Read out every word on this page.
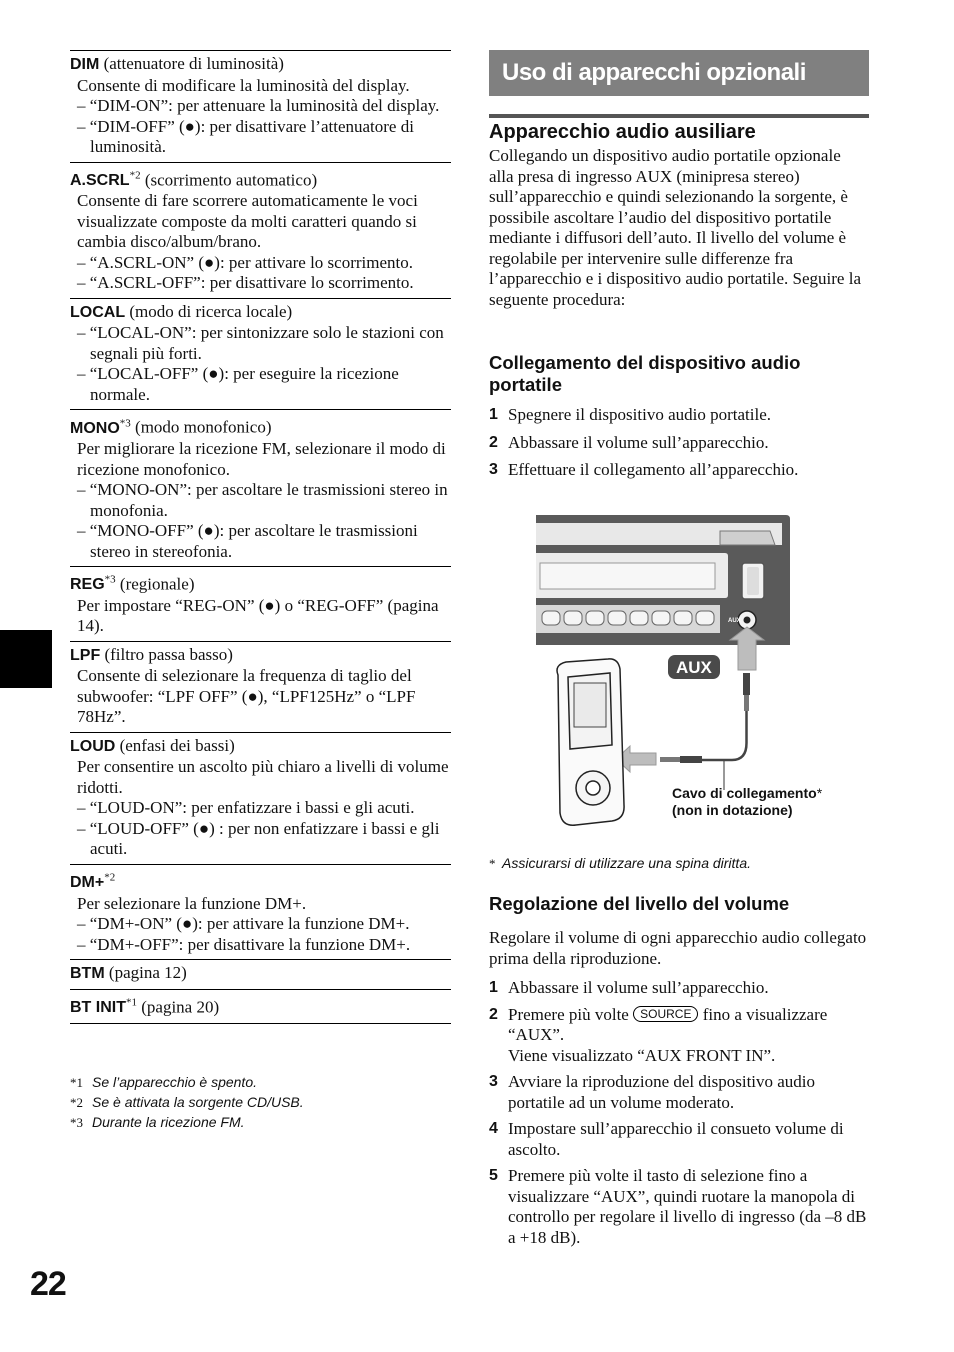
DIM (attenuatore di luminosità)
Consente di modificare la luminosità del display.
– “DIM-ON”: per attenuare la luminosità del display.
– “DIM-OFF” (●): per disattivare l’attenuatore di luminosità.
A.SCRL$^{*2}$ (scorrimento automatico)
Consente di fare scorrere automaticamente le voci visualizzate composte da molti caratteri quando si cambia disco/album/brano.
– “A.SCRL-ON” (●): per attivare lo scorrimento.
– “A.SCRL-OFF”: per disattivare lo scorrimento.
LOCAL (modo di ricerca locale)
– “LOCAL-ON”: per sintonizzare solo le stazioni con segnali più forti.
– “LOCAL-OFF” (●): per eseguire la ricezione normale.
MONO$^{*3}$ (modo monofonico)
Per migliorare la ricezione FM, selezionare il modo di ricezione monofonico.
– “MONO-ON”: per ascoltare le trasmissioni stereo in monofonia.
– “MONO-OFF” (●): per ascoltare le trasmissioni stereo in stereofonia.
REG$^{*3}$ (regionale)
Per impostare “REG-ON” (●) o “REG-OFF” (pagina 14).
LPF (filtro passa basso)
Consente di selezionare la frequenza di taglio del subwoofer: “LPF OFF” (●), “LPF125Hz” o “LPF 78Hz”.
LOUD (enfasi dei bassi)
Per consentire un ascolto più chiaro a livelli di volume ridotti.
– “LOUD-ON”: per enfatizzare i bassi e gli acuti.
– “LOUD-OFF” (●) : per non enfatizzare i bassi e gli acuti.
DM+$^{*2}$
Per selezionare la funzione DM+.
– “DM+-ON” (●): per attivare la funzione DM+.
– “DM+-OFF”: per disattivare la funzione DM+.
BTM (pagina 12)
BT INIT$^{*1}$ (pagina 20)
*1 Se l’apparecchio è spento.
*2 Se è attivata la sorgente CD/USB.
*3 Durante la ricezione FM.
22
Uso di apparecchi opzionali
Apparecchio audio ausiliare
Collegando un dispositivo audio portatile opzionale alla presa di ingresso AUX (minipresa stereo) sull’apparecchio e quindi selezionando la sorgente, è possibile ascoltare l’audio del dispositivo portatile mediante i diffusori dell’auto. Il livello del volume è regolabile per intervenire sulle differenze fra l’apparecchio e i dispositivo audio portatile. Seguire la seguente procedura:
Collegamento del dispositivo audio portatile
1 Spegnere il dispositivo audio portatile.
2 Abbassare il volume sull’apparecchio.
3 Effettuare il collegamento all’apparecchio.
AUX
AUX
Cavo di collegamento*
(non in dotazione)
* Assicurarsi di utilizzare una spina diritta.
Regolazione del livello del volume
Regolare il volume di ogni apparecchio audio collegato prima della riproduzione.
1 Abbassare il volume sull’apparecchio.
2 Premere più volte SOURCE fino a visualizzare “AUX”.
Viene visualizzato “AUX FRONT IN”.
3 Avviare la riproduzione del dispositivo audio portatile ad un volume moderato.
4 Impostare sull’apparecchio il consueto volume di ascolto.
5 Premere più volte il tasto di selezione fino a visualizzare “AUX”, quindi ruotare la manopola di controllo per regolare il livello di ingresso (da –8 dB a +18 dB).
